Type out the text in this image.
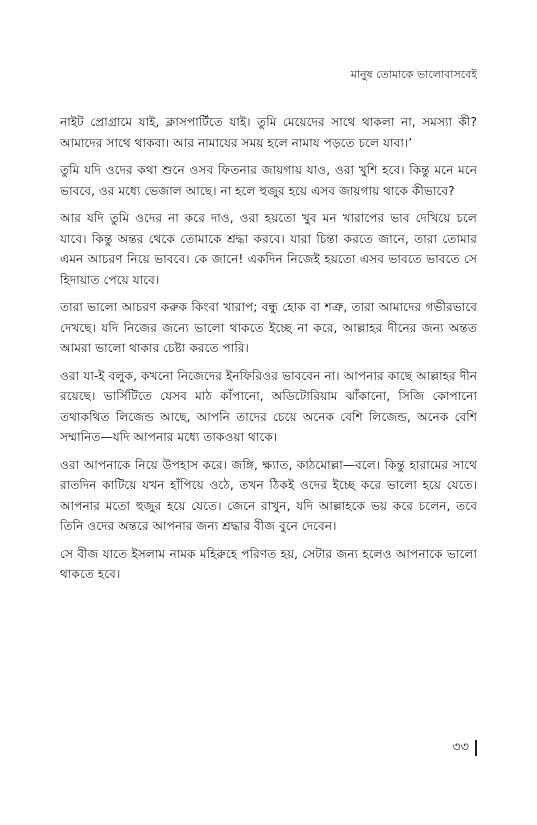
মানুষ তোমাকে ভালোবাসবেই

নাইট প্রোগ্রামে যাই, ক্লাসপার্টিতে যাই। তুমি মেয়েদের সাথে থাকলা না, সমস্যা কী? আমাদের সাথে থাকবা। আর নামাযের সময় হলে নামায পড়তে চলে যাবা।’

তুমি যদি ওদের কথা শুনে ওসব ফিতনার জায়গায় যাও, ওরা খুশি হবে। কিন্তু মনে মনে ভাববে, ওর মধ্যে ভেজাল আছে। না হলে হুজুর হয়ে এসব জায়গায় থাকে কীভাবে?

আর যদি তুমি ওদের না করে দাও, ওরা হয়তো খুব মন খারাপের ভাব দেখিয়ে চলে যাবে। কিন্তু অন্তর থেকে তোমাকে শ্রদ্ধা করবে। যারা চিন্তা করতে জানে, তারা তোমার এমন আচরণ নিয়ে ভাববে। কে জানে! একদিন নিজেই হয়তো এসব ভাবতে ভাবতে সে হিদায়াত পেয়ে যাবে।

তারা ভালো আচরণ করুক কিংবা খারাপ; বন্ধু হোক বা শত্রু, তারা আমাদের গভীরভাবে দেখছে। যদি নিজের জন্যে ভালো থাকতে ইচ্ছে না করে, আল্লাহর দীনের জন্য অন্তত আমরা ভালো থাকার চেষ্টা করতে পারি।

ওরা যা-ই বলুক, কখনো নিজেদের ইনফিরিওর ভাববেন না। আপনার কাছে আল্লাহর দীন রয়েছে। ভার্সিটিতে যেসব মাঠ কাঁপানো, অডিটোরিয়াম ঝাঁকানো, সিজি কোপানো তথাকথিত লিজেন্ড আছে, আপনি তাদের চেয়ে অনেক বেশি লিজেন্ড, অনেক বেশি সম্মানিত—যদি আপনার মধ্যে তাকওয়া থাকে।

ওরা আপনাকে নিয়ে উপহাস করে। জঙ্গি, ক্ষ্যাত, কাঠমোল্লা—বলে। কিন্তু হারামের সাথে রাতদিন কাটিয়ে যখন হাঁপিয়ে ওঠে, তখন ঠিকই ওদের ইচ্ছে করে ভালো হয়ে যেতে। আপনার মতো হুজুর হয়ে যেতে। জেনে রাখুন, যদি আল্লাহকে ভয় করে চলেন, তবে তিনি ওদের অন্তরে আপনার জন্য শ্রদ্ধার বীজ বুনে দেবেন।

সে বীজ যাতে ইসলাম নামক মহিরুহে পরিণত হয়, সেটার জন্য হলেও আপনাকে ভালো থাকতে হবে।

৩৩
